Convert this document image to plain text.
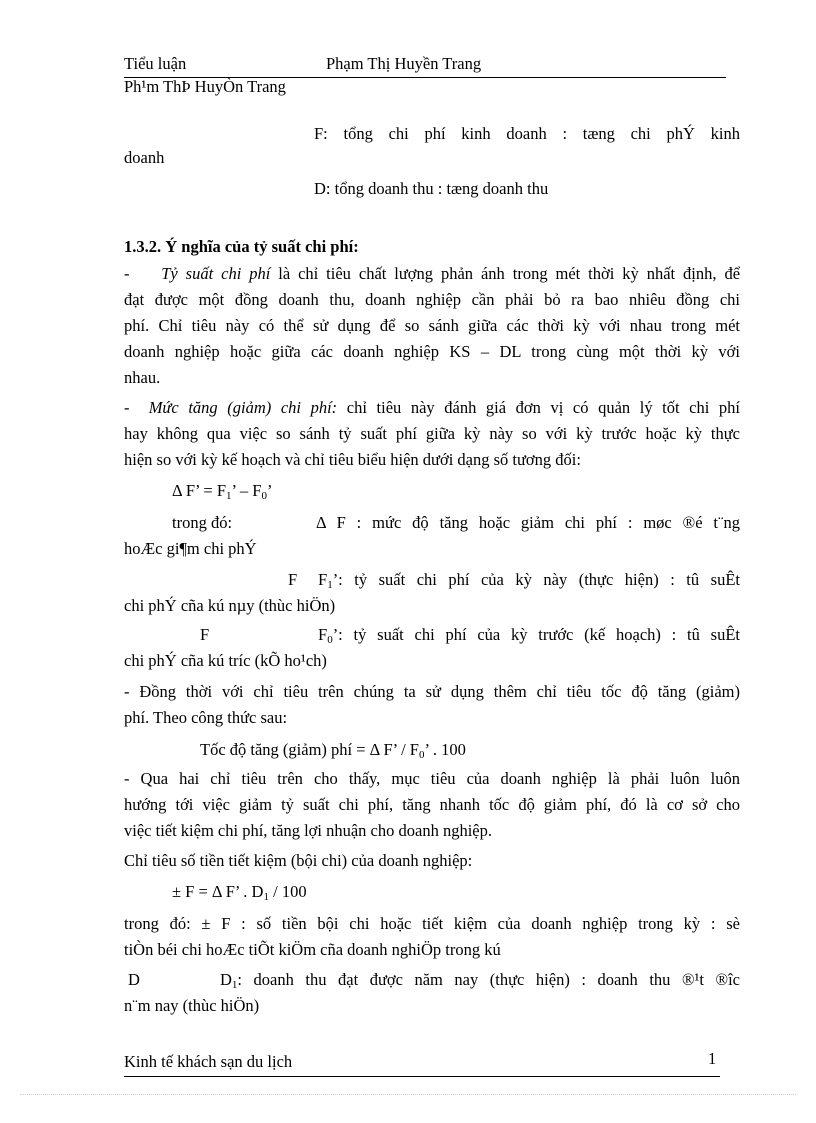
Tiểu luận	Phạm Thị Huyền Trang
Ph¹m ThÞ HuyÒn Trang
F: tổng chi phí kinh doanh : tæng chi phÝ kinh
doanh
D: tổng doanh thu : tæng doanh thu
1.3.2. Ý nghĩa của tỷ suất chi phí:
- Tỷ suất chi phí là chỉ tiêu chất lượng phản ánh trong mét thời kỳ nhất định, để
đạt được một đồng doanh thu, doanh nghiệp cần phải bỏ ra bao nhiêu đồng chi
phí. Chỉ tiêu này có thể sử dụng để so sánh giữa các thời kỳ với nhau trong mét
doanh nghiệp hoặc giữa các doanh nghiệp KS – DL trong cùng một thời kỳ với
nhau.
- Mức tăng (giảm) chi phí: chỉ tiêu này đánh giá đơn vị có quản lý tốt chi phí
hay không qua việc so sánh tỷ suất phí giữa kỳ này so với kỳ trước hoặc kỳ thực
hiện so với kỳ kế hoạch và chỉ tiêu biểu hiện dưới dạng số tương đối:
Δ F’ = $F_1$’ – $F_0$’
trong đó:	Δ F : mức độ tăng hoặc giảm chi phí : møc ®é t¨ng
hoÆc gi¶m chi phÝ
F $F_1$’: tỷ suất chi phí của kỳ này (thực hiện) : tû suÊt
chi phÝ cña kú nµy (thùc hiÖn)
F	$F_0$’: tỷ suất chi phí của kỳ trước (kế hoạch) : tû suÊt
chi phÝ cña kú tríc (kÕ ho¹ch)
- Đồng thời với chỉ tiêu trên chúng ta sử dụng thêm chỉ tiêu tốc độ tăng (giảm)
phí. Theo công thức sau:
Tốc độ tăng (giảm) phí = Δ F’ / $F_0$’ . 100
- Qua hai chỉ tiêu trên cho thấy, mục tiêu của doanh nghiệp là phải luôn luôn
hướng tới việc giảm tỷ suất chi phí, tăng nhanh tốc độ giảm phí, đó là cơ sở cho
việc tiết kiệm chi phí, tăng lợi nhuận cho doanh nghiệp.
Chỉ tiêu số tiền tiết kiệm (bội chi) của doanh nghiệp:
± F = Δ F’ . $D_1 / 100$
trong đó: ± F : số tiền bội chi hoặc tiết kiệm của doanh nghiệp trong kỳ : sè
tiÒn béi chi hoÆc tiÕt kiÖm cña doanh nghiÖp trong kú
D	$D_1$: doanh thu đạt được năm nay (thực hiện) : doanh thu ®¹t ®îc
n¨m nay (thùc hiÖn)
Kinh tế khách sạn du lịch	1
